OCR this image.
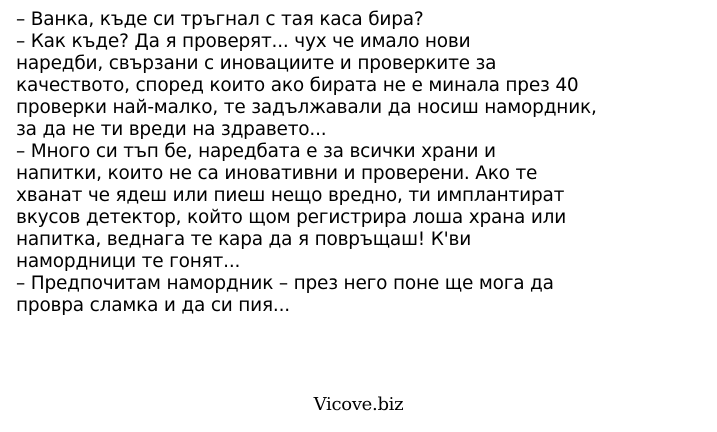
– Ванка, къде си тръгнал с тая каса бира?
– Как къде? Да я проверят... чух че имало нови
наредби, свързани с иновациите и проверките за
качеството, според които ако бирата не е минала през 40
проверки най-малко, те задължавали да носиш намордник,
за да не ти вреди на здравето...
– Много си тъп бе, наредбата е за всички храни и
напитки, които не са иновативни и проверени. Ако те
хванат че ядеш или пиеш нещо вредно, ти имплантират
вкусов детектор, който щом регистрира лоша храна или
напитка, веднага те кара да я повръщаш! К'ви
намордници те гонят...
– Предпочитам намордник – през него поне ще мога да
провра сламка и да си пия...
Vicove.biz
